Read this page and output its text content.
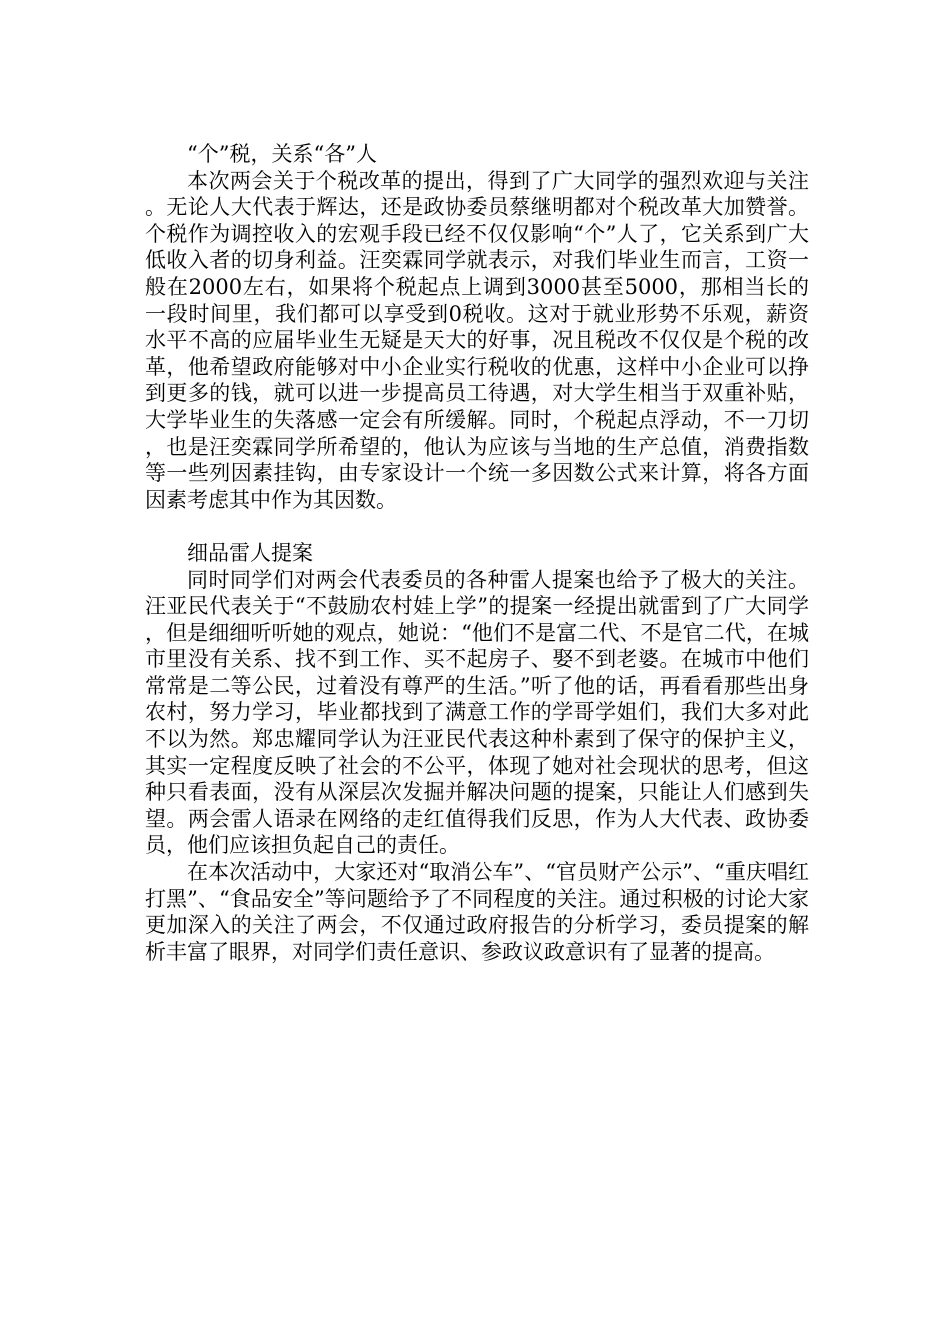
“个”税，关系“各”人

本次两会关于个税改革的提出，得到了广大同学的强烈欢迎与关注。无论人大代表于辉达，还是政协委员蔡继明都对个税改革大加赞誉。个税作为调控收入的宏观手段已经不仅仅影响“个”人了，它关系到广大低收入者的切身利益。汪奕霖同学就表示，对我们毕业生而言，工资一般在2000左右，如果将个税起点上调到3000甚至5000，那相当长的一段时间里，我们都可以享受到0税收。这对于就业形势不乐观，薪资水平不高的应届毕业生无疑是天大的好事，况且税改不仅仅是个税的改革，他希望政府能够对中小企业实行税收的优惠，这样中小企业可以挣到更多的钱，就可以进一步提高员工待遇，对大学生相当于双重补贴，大学毕业生的失落感一定会有所缓解。同时，个税起点浮动，不一刀切，也是汪奕霖同学所希望的，他认为应该与当地的生产总值，消费指数等一些列因素挂钩，由专家设计一个统一多因数公式来计算，将各方面因素考虑其中作为其因数。

细品雷人提案

同时同学们对两会代表委员的各种雷人提案也给予了极大的关注。汪亚民代表关于“不鼓励农村娃上学”的提案一经提出就雷到了广大同学，但是细细听听她的观点，她说：“他们不是富二代、不是官二代，在城市里没有关系、找不到工作、买不起房子、娶不到老婆。在城市中他们常常是二等公民，过着没有尊严的生活。”听了他的话，再看看那些出身农村，努力学习，毕业都找到了满意工作的学哥学姐们，我们大多对此不以为然。郑忠耀同学认为汪亚民代表这种朴素到了保守的保护主义，其实一定程度反映了社会的不公平，体现了她对社会现状的思考，但这种只看表面，没有从深层次发掘并解决问题的提案，只能让人们感到失望。两会雷人语录在网络的走红值得我们反思，作为人大代表、政协委员，他们应该担负起自己的责任。

在本次活动中，大家还对“取消公车”、“官员财产公示”、“重庆唱红打黑”、“食品安全”等问题给予了不同程度的关注。通过积极的讨论大家更加深入的关注了两会，不仅通过政府报告的分析学习，委员提案的解析丰富了眼界，对同学们责任意识、参政议政意识有了显著的提高。
